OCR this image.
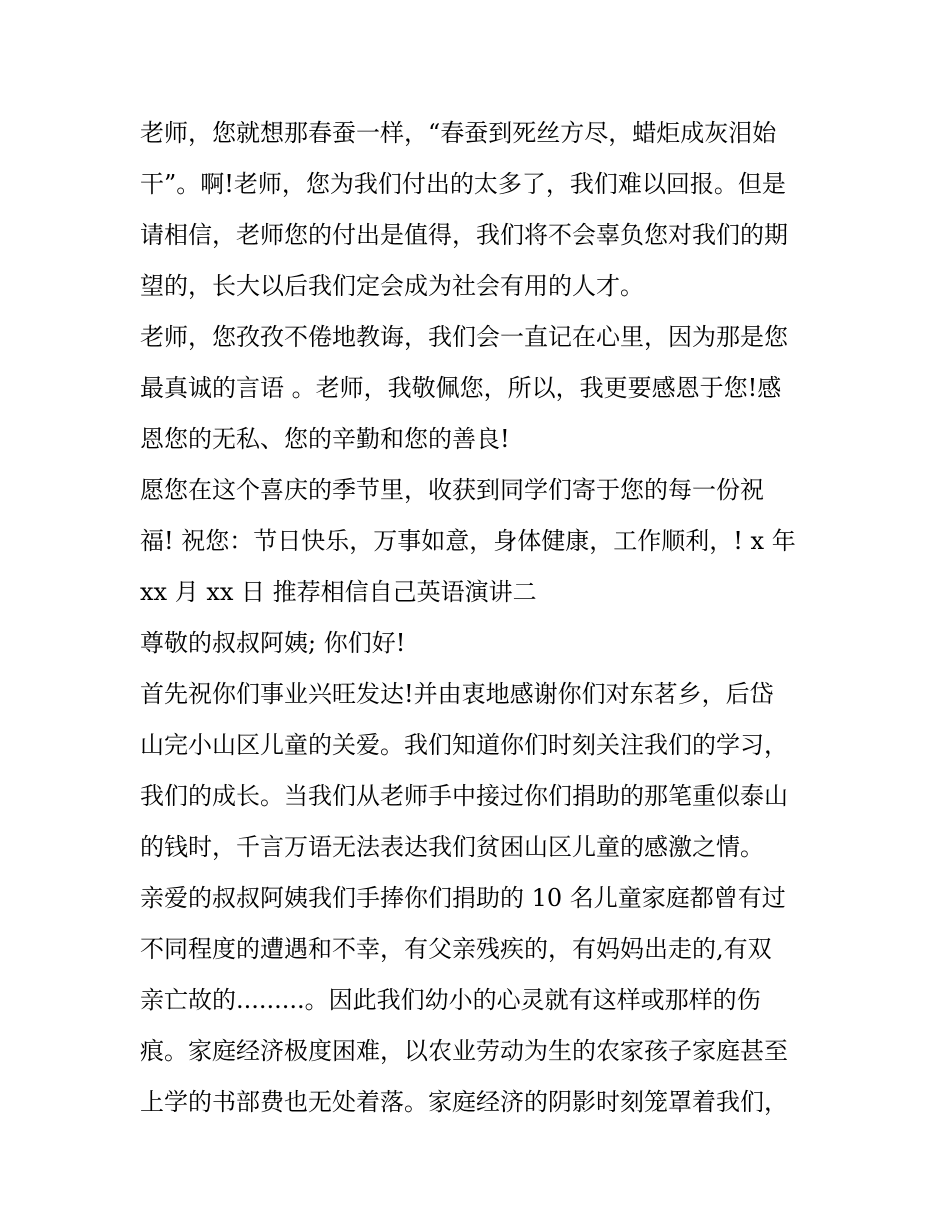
老师，您就想那春蚕一样，“春蚕到死丝方尽，蜡炬成灰泪始
干”。啊!老师，您为我们付出的太多了，我们难以回报。但是
请相信，老师您的付出是值得，我们将不会辜负您对我们的期
望的，长大以后我们定会成为社会有用的人才。
老师，您孜孜不倦地教诲，我们会一直记在心里，因为那是您
最真诚的言语 。老师，我敬佩您，所以，我更要感恩于您!感
恩您的无私、您的辛勤和您的善良!
愿您在这个喜庆的季节里，收获到同学们寄于您的每一份祝
福! 祝您：节日快乐，万事如意，身体健康，工作顺利，! x 年
xx 月 xx 日 推荐相信自己英语演讲二
尊敬的叔叔阿姨; 你们好!
首先祝你们事业兴旺发达!并由衷地感谢你们对东茗乡，后岱
山完小山区儿童的关爱。我们知道你们时刻关注我们的学习，
我们的成长。当我们从老师手中接过你们捐助的那笔重似泰山
的钱时，千言万语无法表达我们贫困山区儿童的感激之情。
亲爱的叔叔阿姨我们手捧你们捐助的 10 名儿童家庭都曾有过
不同程度的遭遇和不幸，有父亲残疾的，有妈妈出走的,有双
亲亡故的.........。因此我们幼小的心灵就有这样或那样的伤
痕。家庭经济极度困难，以农业劳动为生的农家孩子家庭甚至
上学的书部费也无处着落。家庭经济的阴影时刻笼罩着我们，
